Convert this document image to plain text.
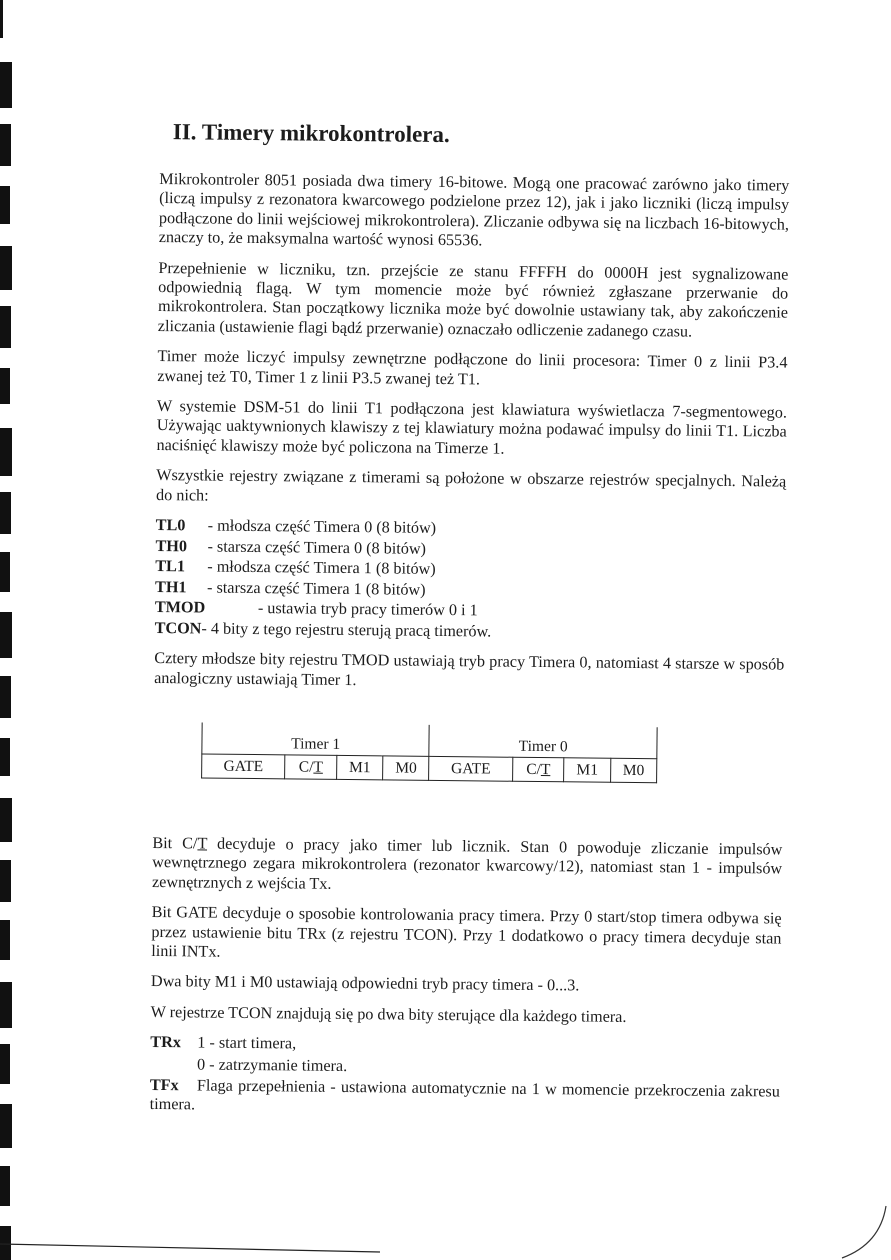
II. Timery mikrokontrolera.

Mikrokontroler 8051 posiada dwa timery 16-bitowe. Mogą one pracować zarówno jako timery (liczą impulsy z rezonatora kwarcowego podzielone przez 12), jak i jako liczniki (liczą impulsy podłączone do linii wejściowej mikrokontrolera). Zliczanie odbywa się na liczbach 16-bitowych, znaczy to, że maksymalna wartość wynosi 65536.

Przepełnienie w liczniku, tzn. przejście ze stanu FFFFH do 0000H jest sygnalizowane odpowiednią flagą. W tym momencie może być również zgłaszane przerwanie do mikrokontrolera. Stan początkowy licznika może być dowolnie ustawiany tak, aby zakończenie zliczania (ustawienie flagi bądź przerwanie) oznaczało odliczenie zadanego czasu.

Timer może liczyć impulsy zewnętrzne podłączone do linii procesora: Timer 0 z linii P3.4 zwanej też T0, Timer 1 z linii P3.5 zwanej też T1.

W systemie DSM-51 do linii T1 podłączona jest klawiatura wyświetlacza 7-segmentowego. Używając uaktywnionych klawiszy z tej klawiatury można podawać impulsy do linii T1. Liczba naciśnięć klawiszy może być policzona na Timerze 1.

Wszystkie rejestry związane z timerami są położone w obszarze rejestrów specjalnych. Należą do nich:

TL0	- młodsza część Timera 0 (8 bitów)
TH0	- starsza część Timera 0 (8 bitów)
TL1	- młodsza część Timera 1 (8 bitów)
TH1	- starsza część Timera 1 (8 bitów)
TMOD	- ustawia tryb pracy timerów 0 i 1
TCON - 4 bity z tego rejestru sterują pracą timerów.

Cztery młodsze bity rejestru TMOD ustawiają tryb pracy Timera 0, natomiast 4 starsze w sposób analogiczny ustawiają Timer 1.

Timer 1				Timer 0			
GATE	C/T	M1	M0	GATE	C/T	M1	M0

Bit C/T decyduje o pracy jako timer lub licznik. Stan 0 powoduje zliczanie impulsów wewnętrznego zegara mikrokontrolera (rezonator kwarcowy/12), natomiast stan 1 - impulsów zewnętrznych z wejścia Tx.

Bit GATE decyduje o sposobie kontrolowania pracy timera. Przy 0 start/stop timera odbywa się przez ustawienie bitu TRx (z rejestru TCON). Przy 1 dodatkowo o pracy timera decyduje stan linii INTx.

Dwa bity M1 i M0 ustawiają odpowiedni tryb pracy timera - 0...3.

W rejestrze TCON znajdują się po dwa bity sterujące dla każdego timera.

TRx 1 - start timera,
0 - zatrzymanie timera.

TFx Flaga przepełnienia - ustawiona automatycznie na 1 w momencie przekroczenia zakresu timera.
